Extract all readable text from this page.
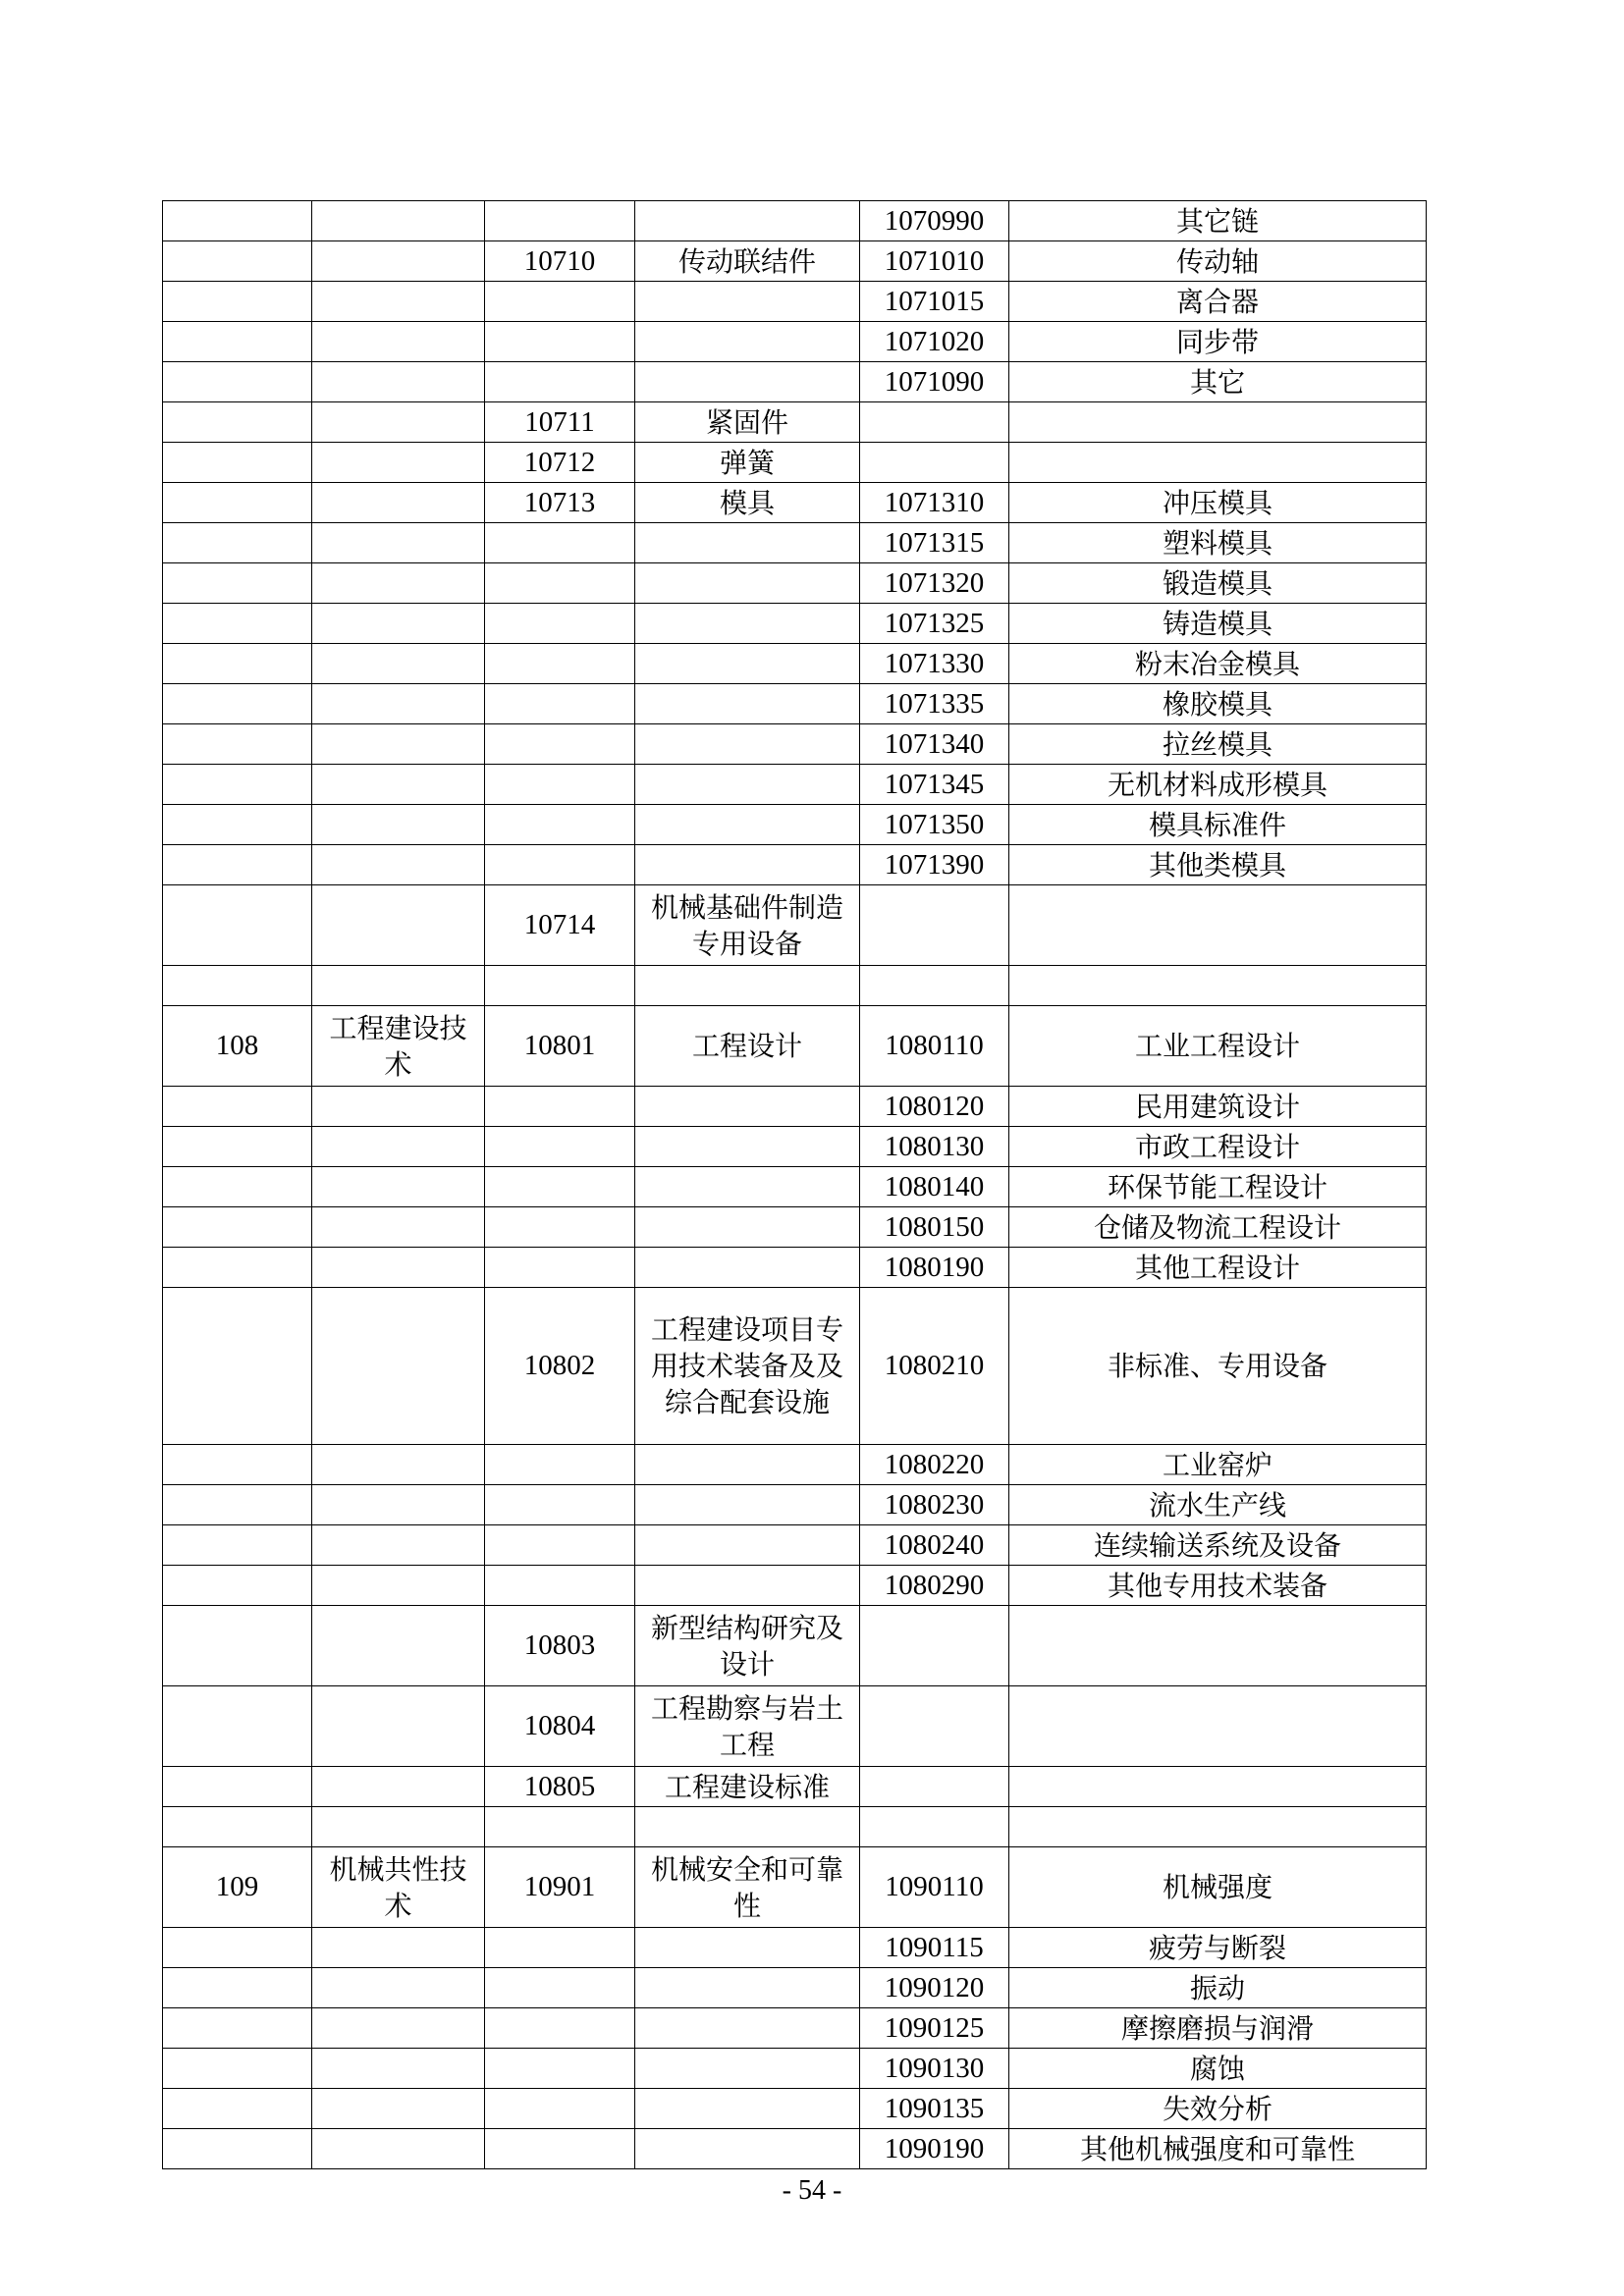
				1070990	其它链
		10710	传动联结件	1071010	传动轴
				1071015	离合器
				1071020	同步带
				1071090	其它
		10711	紧固件		
		10712	弹簧		
		10713	模具	1071310	冲压模具
				1071315	塑料模具
				1071320	锻造模具
				1071325	铸造模具
				1071330	粉末冶金模具
				1071335	橡胶模具
				1071340	拉丝模具
				1071345	无机材料成形模具
				1071350	模具标准件
				1071390	其他类模具
		10714	机械基础件制造专用设备		

108	工程建设技术	10801	工程设计	1080110	工业工程设计
				1080120	民用建筑设计
				1080130	市政工程设计
				1080140	环保节能工程设计
				1080150	仓储及物流工程设计
				1080190	其他工程设计
		10802	工程建设项目专用技术装备及及综合配套设施	1080210	非标准、专用设备
				1080220	工业窑炉
				1080230	流水生产线
				1080240	连续输送系统及设备
				1080290	其他专用技术装备
		10803	新型结构研究及设计		
		10804	工程勘察与岩土工程		
		10805	工程建设标准		

109	机械共性技术	10901	机械安全和可靠性	1090110	机械强度
				1090115	疲劳与断裂
				1090120	振动
				1090125	摩擦磨损与润滑
				1090130	腐蚀
				1090135	失效分析
				1090190	其他机械强度和可靠性
- 54 -
